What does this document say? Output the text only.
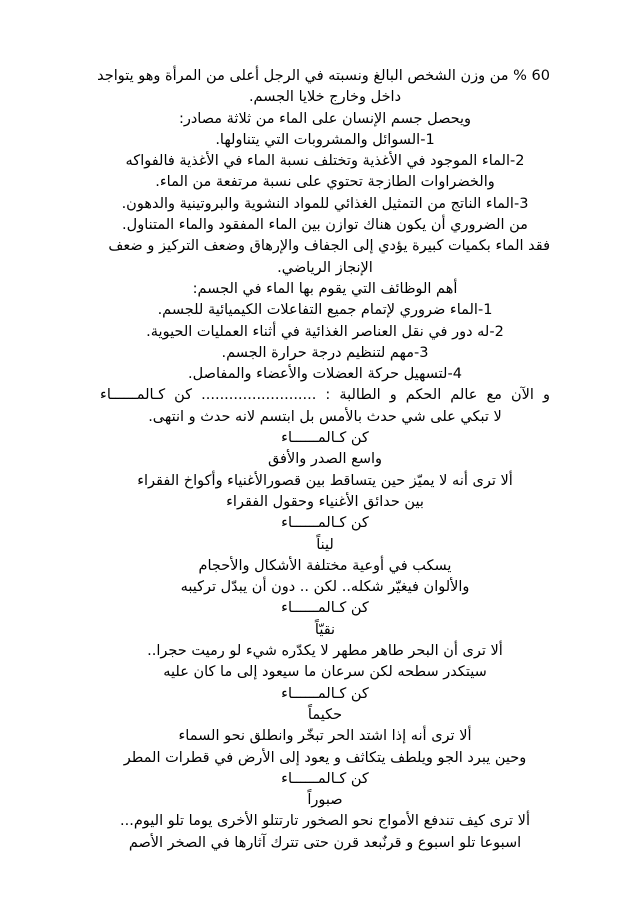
60 % من وزن الشخص البالغ ونسبته في الرجل أعلى من المرأة وهو يتواجد
داخل وخارج خلايا الجسم.
ويحصل جسم الإنسان على الماء من ثلاثة مصادر:
1-السوائل والمشروبات التي يتناولها.
2-الماء الموجود في الأغذية وتختلف نسبة الماء في الأغذية فالفواكه
والخضراوات الطازجة تحتوي على نسبة مرتفعة من الماء.
3-الماء الناتج من التمثيل الغذائي للمواد النشوية والبروتينية والدهون.
من الضروري أن يكون هناك توازن بين الماء المفقود والماء المتناول.
فقد الماء بكميات كبيرة يؤدي إلى الجفاف والإرهاق وضعف التركيز و ضعف
الإنجاز الرياضي.
أهم الوظائف التي يقوم بها الماء في الجسم:
1-الماء ضروري لإتمام جميع التفاعلات الكيميائية للجسم.
2-له دور في نقل العناصر الغذائية في أثناء العمليات الحيوية.
3-مهم لتنظيم درجة حرارة الجسم.
4-لتسهيل حركة العضلات والأعضاء والمفاصل.
و الآن مع عالم الحكم و الطالبة : ......................... كن كـالمــــــاء
لا تبكي على شي حدث بالأمس بل ابتسم لانه حدث و انتهى.
كن كـالمــــــاء
واسع الصدر والأفق
ألا ترى أنه لا يميّز حين يتساقط بين قصورالأغنياء وأكواخ الفقراء
بين حدائق الأغنياء وحقول الفقراء
كن كـالمــــــاء
ليناً
يسكب في أوعية مختلفة الأشكال والأحجام
والألوان فيغيّر شكله.. لكن .. دون أن يبدّل تركيبه
كن كـالمــــــاء
نقيّاً
ألا ترى أن البحر طاهر مطهر لا يكدّره شيء لو رميت حجرا..
سيتكدر سطحه لكن سرعان ما سيعود إلى ما كان عليه
كن كـالمــــــاء
حكيماً
ألا ترى أنه إذا اشتد الحر تبخّر وانطلق نحو السماء
وحين يبرد الجو ويلطف يتكاثف و يعود إلى الأرض في قطرات المطر
كن كـالمــــــاء
صبوراً
ألا ترى كيف تندفع الأمواج نحو الصخور تارتتلو الأخرى يوما تلو اليوم...
اسبوعا تلو اسبوع و قرنٌبعد قرن حتى تترك آثارها في الصخر الأصم
